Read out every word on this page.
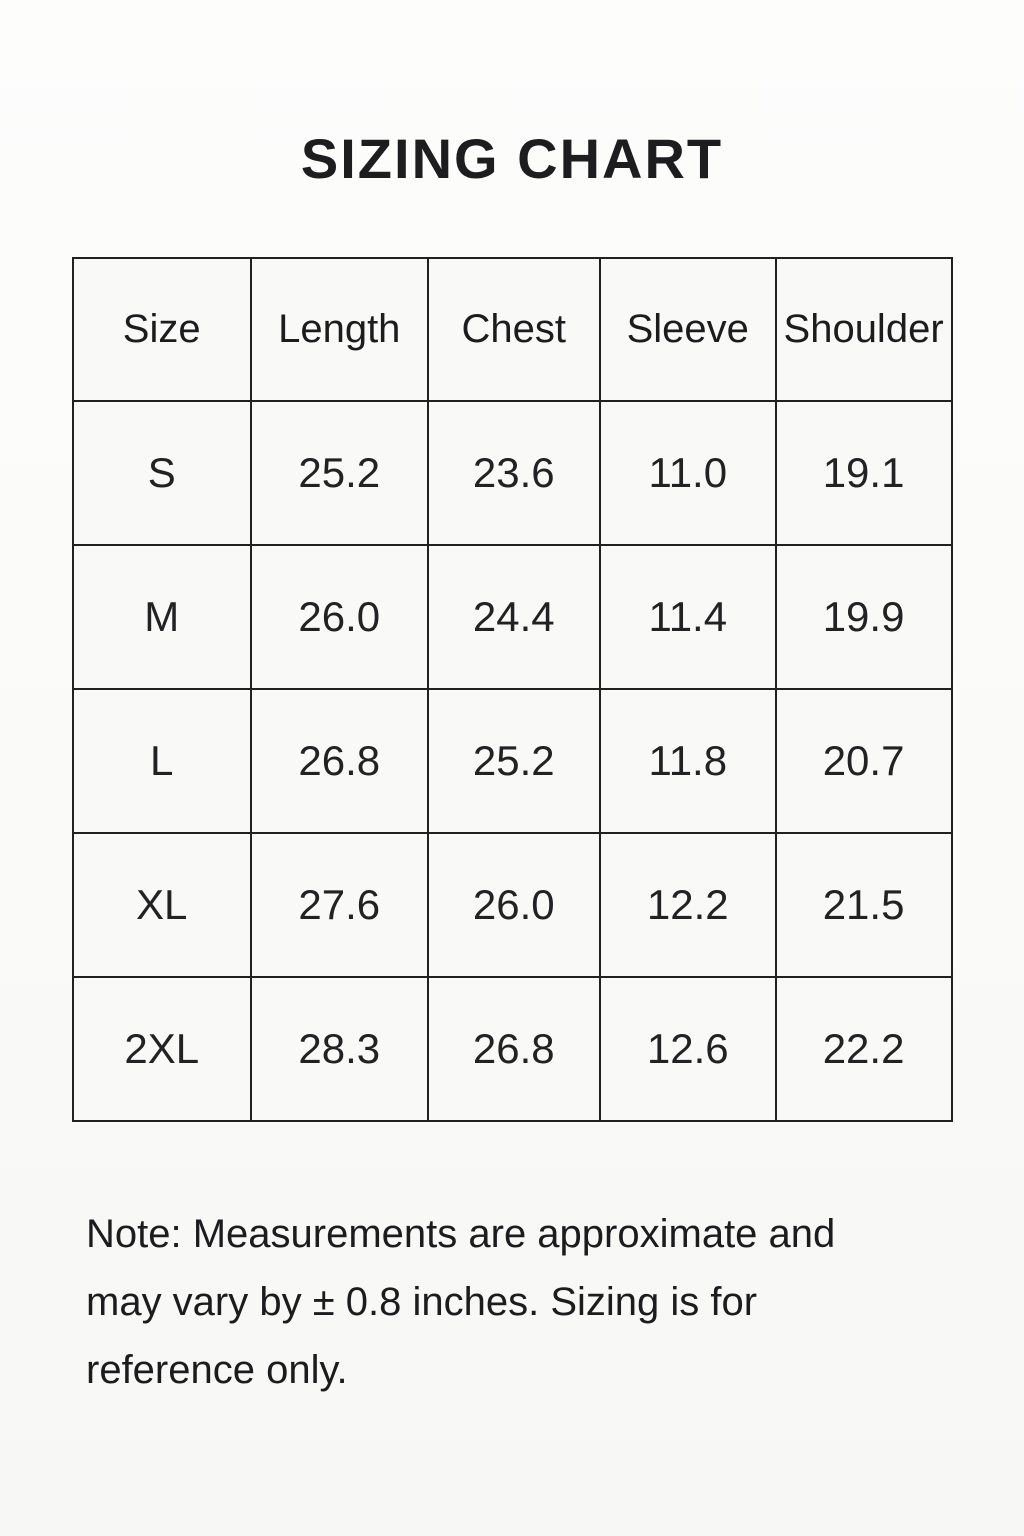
SIZING CHART
Size	Length	Chest	Sleeve	Shoulder
S	25.2	23.6	11.0	19.1
M	26.0	24.4	11.4	19.9
L	26.8	25.2	11.8	20.7
XL	27.6	26.0	12.2	21.5
2XL	28.3	26.8	12.6	22.2

Note: Measurements are approximate and
may vary by ± 0.8 inches. Sizing is for
reference only.
